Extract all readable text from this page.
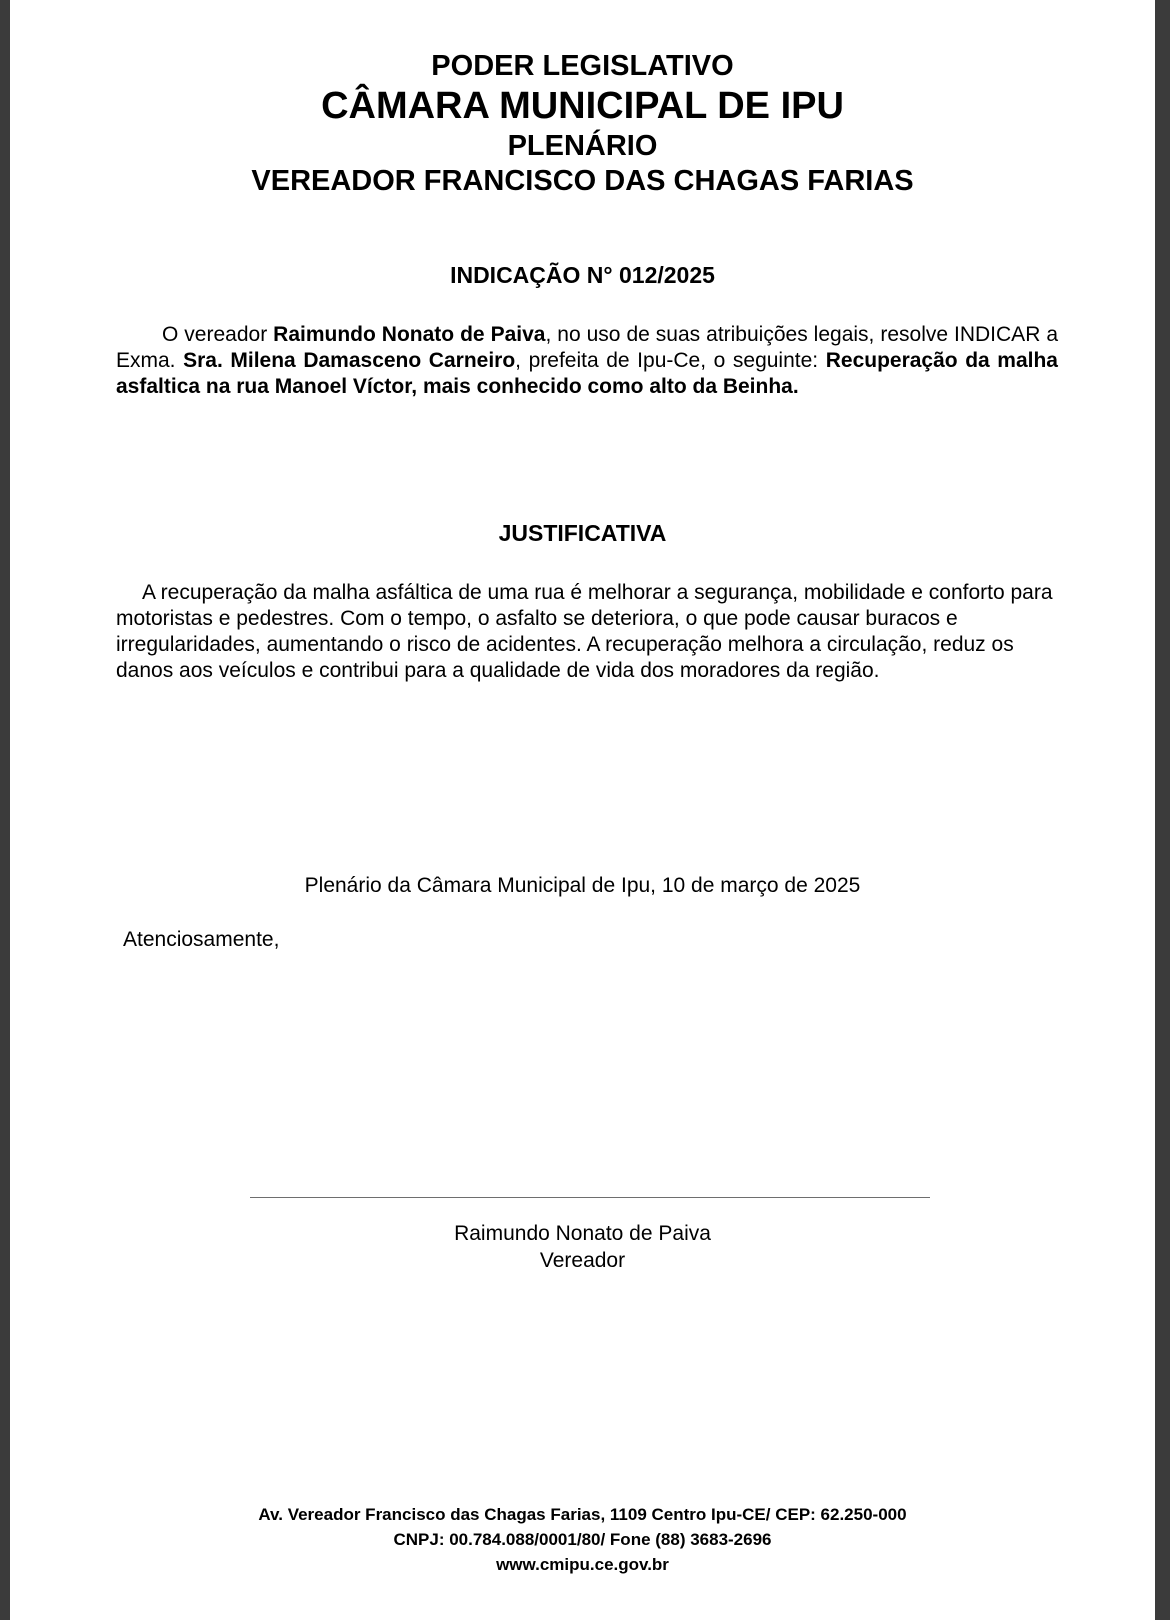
PODER LEGISLATIVO

CÂMARA MUNICIPAL DE IPU

PLENÁRIO

VEREADOR FRANCISCO DAS CHAGAS FARIAS

INDICAÇÃO N° 012/2025

O vereador Raimundo Nonato de Paiva, no uso de suas atribuições legais, resolve INDICAR a Exma. Sra. Milena Damasceno Carneiro, prefeita de Ipu-Ce, o seguinte: Recuperação da malha asfaltica na rua Manoel Víctor, mais conhecido como alto da Beinha.

JUSTIFICATIVA

A recuperação da malha asfáltica de uma rua é melhorar a segurança, mobilidade e conforto para motoristas e pedestres. Com o tempo, o asfalto se deteriora, o que pode causar buracos e irregularidades, aumentando o risco de acidentes. A recuperação melhora a circulação, reduz os danos aos veículos e contribui para a qualidade de vida dos moradores da região.

Plenário da Câmara Municipal de Ipu, 10 de março de 2025

Atenciosamente,

Raimundo Nonato de Paiva

Vereador

Av. Vereador Francisco das Chagas Farias, 1109 Centro Ipu-CE/ CEP: 62.250-000

CNPJ: 00.784.088/0001/80/ Fone (88) 3683-2696

www.cmipu.ce.gov.br
